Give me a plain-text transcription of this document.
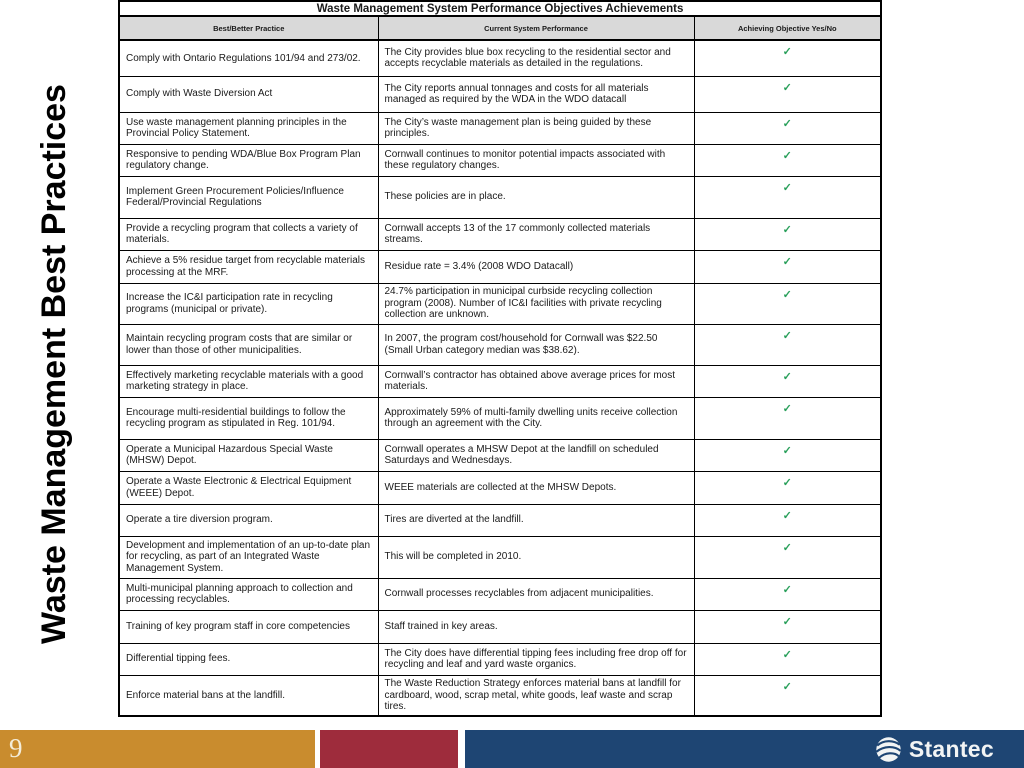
Waste Management Best Practices
Waste Management System Performance Objectives Achievements		
Best/Better Practice	Current System Performance	Achieving Objective Yes/No
Comply with Ontario Regulations 101/94 and 273/02.	The City provides blue box recycling to the residential sector and accepts recyclable materials as detailed in the regulations.	✓
Comply with Waste Diversion Act	The City reports annual tonnages and costs for all materials managed as required by the WDA in the WDO datacall	✓
Use waste management planning principles in the Provincial Policy Statement.	The City’s waste management plan is being guided by these principles.	✓
Responsive to pending WDA/Blue Box Program Plan regulatory change.	Cornwall continues to monitor potential impacts associated with these regulatory changes.	✓
Implement Green Procurement Policies/Influence Federal/Provincial Regulations	These policies are in place.	✓
Provide a recycling program that collects a variety of materials.	Cornwall accepts 13 of the 17 commonly collected materials streams.	✓
Achieve a 5% residue target from recyclable materials processing at the MRF.	Residue rate = 3.4% (2008 WDO Datacall)	✓
Increase the IC&I participation rate in recycling programs (municipal or private).	24.7% participation in municipal curbside recycling collection program (2008). Number of IC&I facilities with private recycling collection are unknown.	✓
Maintain recycling program costs that are similar or lower than those of other municipalities.	In 2007, the program cost/household for Cornwall was $22.50 (Small Urban category median was $38.62).	✓
Effectively marketing recyclable materials with a good marketing strategy in place.	Cornwall’s contractor has obtained above average prices for most materials.	✓
Encourage multi-residential buildings to follow the recycling program as stipulated in Reg. 101/94.	Approximately 59% of multi-family dwelling units receive collection through an agreement with the City.	✓
Operate a Municipal Hazardous Special Waste (MHSW) Depot.	Cornwall operates a MHSW Depot at the landfill on scheduled Saturdays and Wednesdays.	✓
Operate a Waste Electronic & Electrical Equipment (WEEE) Depot.	WEEE materials are collected at the MHSW Depots.	✓
Operate a tire diversion program.	Tires are diverted at the landfill.	✓
Development and implementation of an up-to-date plan for recycling, as part of an Integrated Waste Management System.	This will be completed in 2010.	✓
Multi-municipal planning approach to collection and processing recyclables.	Cornwall processes recyclables from adjacent municipalities.	✓
Training of key program staff in core competencies	Staff trained in key areas.	✓
Differential tipping fees.	The City does have differential tipping fees including free drop off for recycling and leaf and yard waste organics.	✓
Enforce material bans at the landfill.	The Waste Reduction Strategy enforces material bans at landfill for cardboard, wood, scrap metal, white goods, leaf waste and scrap tires.	✓
9	Stantec
